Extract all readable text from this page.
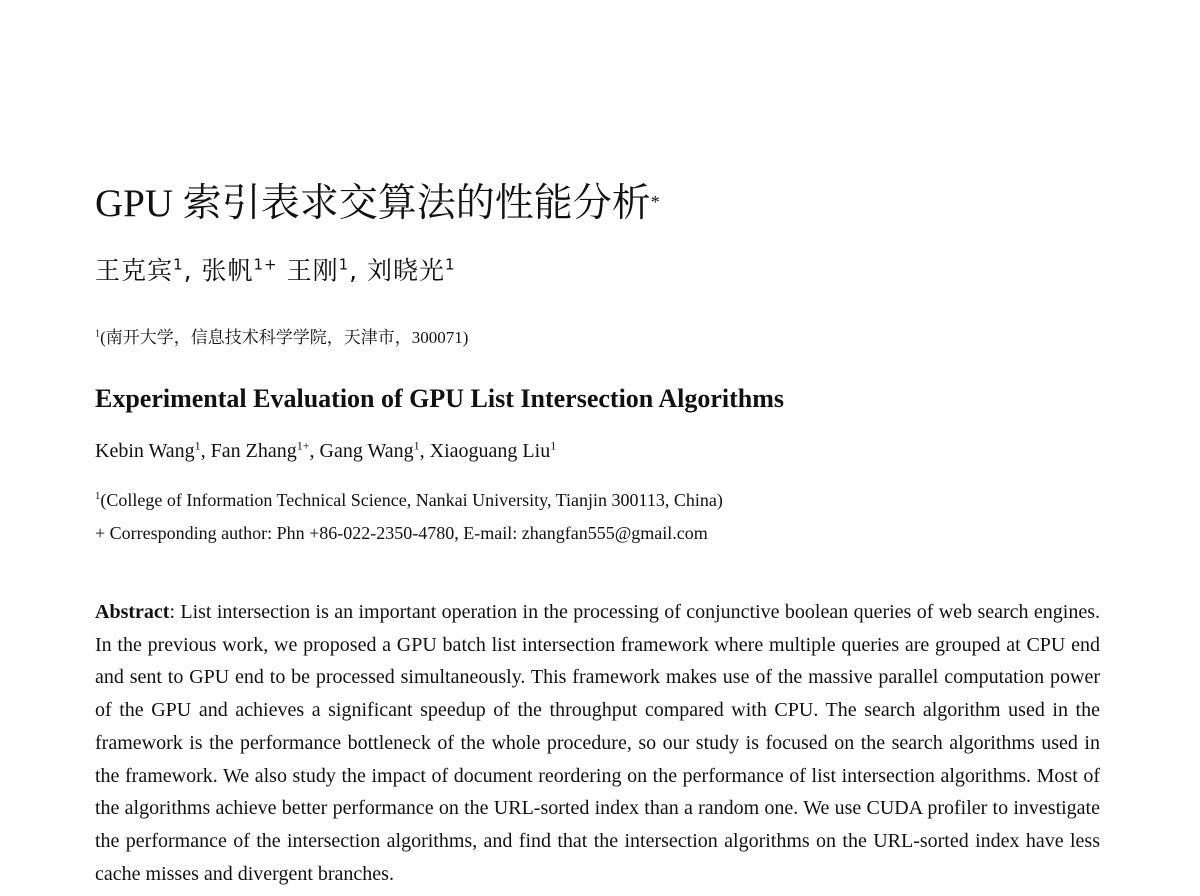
GPU 索引表求交算法的性能分析*
王克宾$^1$, 张帆$^{1+}$ 王刚$^1$, 刘晓光$^1$
$^1$(南开大学，信息技术科学学院，天津市，300071)
Experimental Evaluation of GPU List Intersection Algorithms
Kebin Wang$^1$, Fan Zhang$^{1+}$, Gang Wang$^1$, Xiaoguang Liu$^1$
$^1$(College of Information Technical Science, Nankai University, Tianjin 300113, China)
+ Corresponding author: Phn +86-022-2350-4780, E-mail: zhangfan555@gmail.com

Abstract: List intersection is an important operation in the processing of conjunctive boolean queries of web search engines. In the previous work, we proposed a GPU batch list intersection framework where multiple queries are grouped at CPU end and sent to GPU end to be processed simultaneously. This framework makes use of the massive parallel computation power of the GPU and achieves a significant speedup of the throughput compared with CPU. The search algorithm used in the framework is the performance bottleneck of the whole procedure, so our study is focused on the search algorithms used in the framework. We also study the impact of document reordering on the performance of list intersection algorithms. Most of the algorithms achieve better performance on the URL-sorted index than a random one. We use CUDA profiler to investigate the performance of the intersection algorithms, and find that the intersection algorithms on the URL-sorted index have less cache misses and divergent branches.
